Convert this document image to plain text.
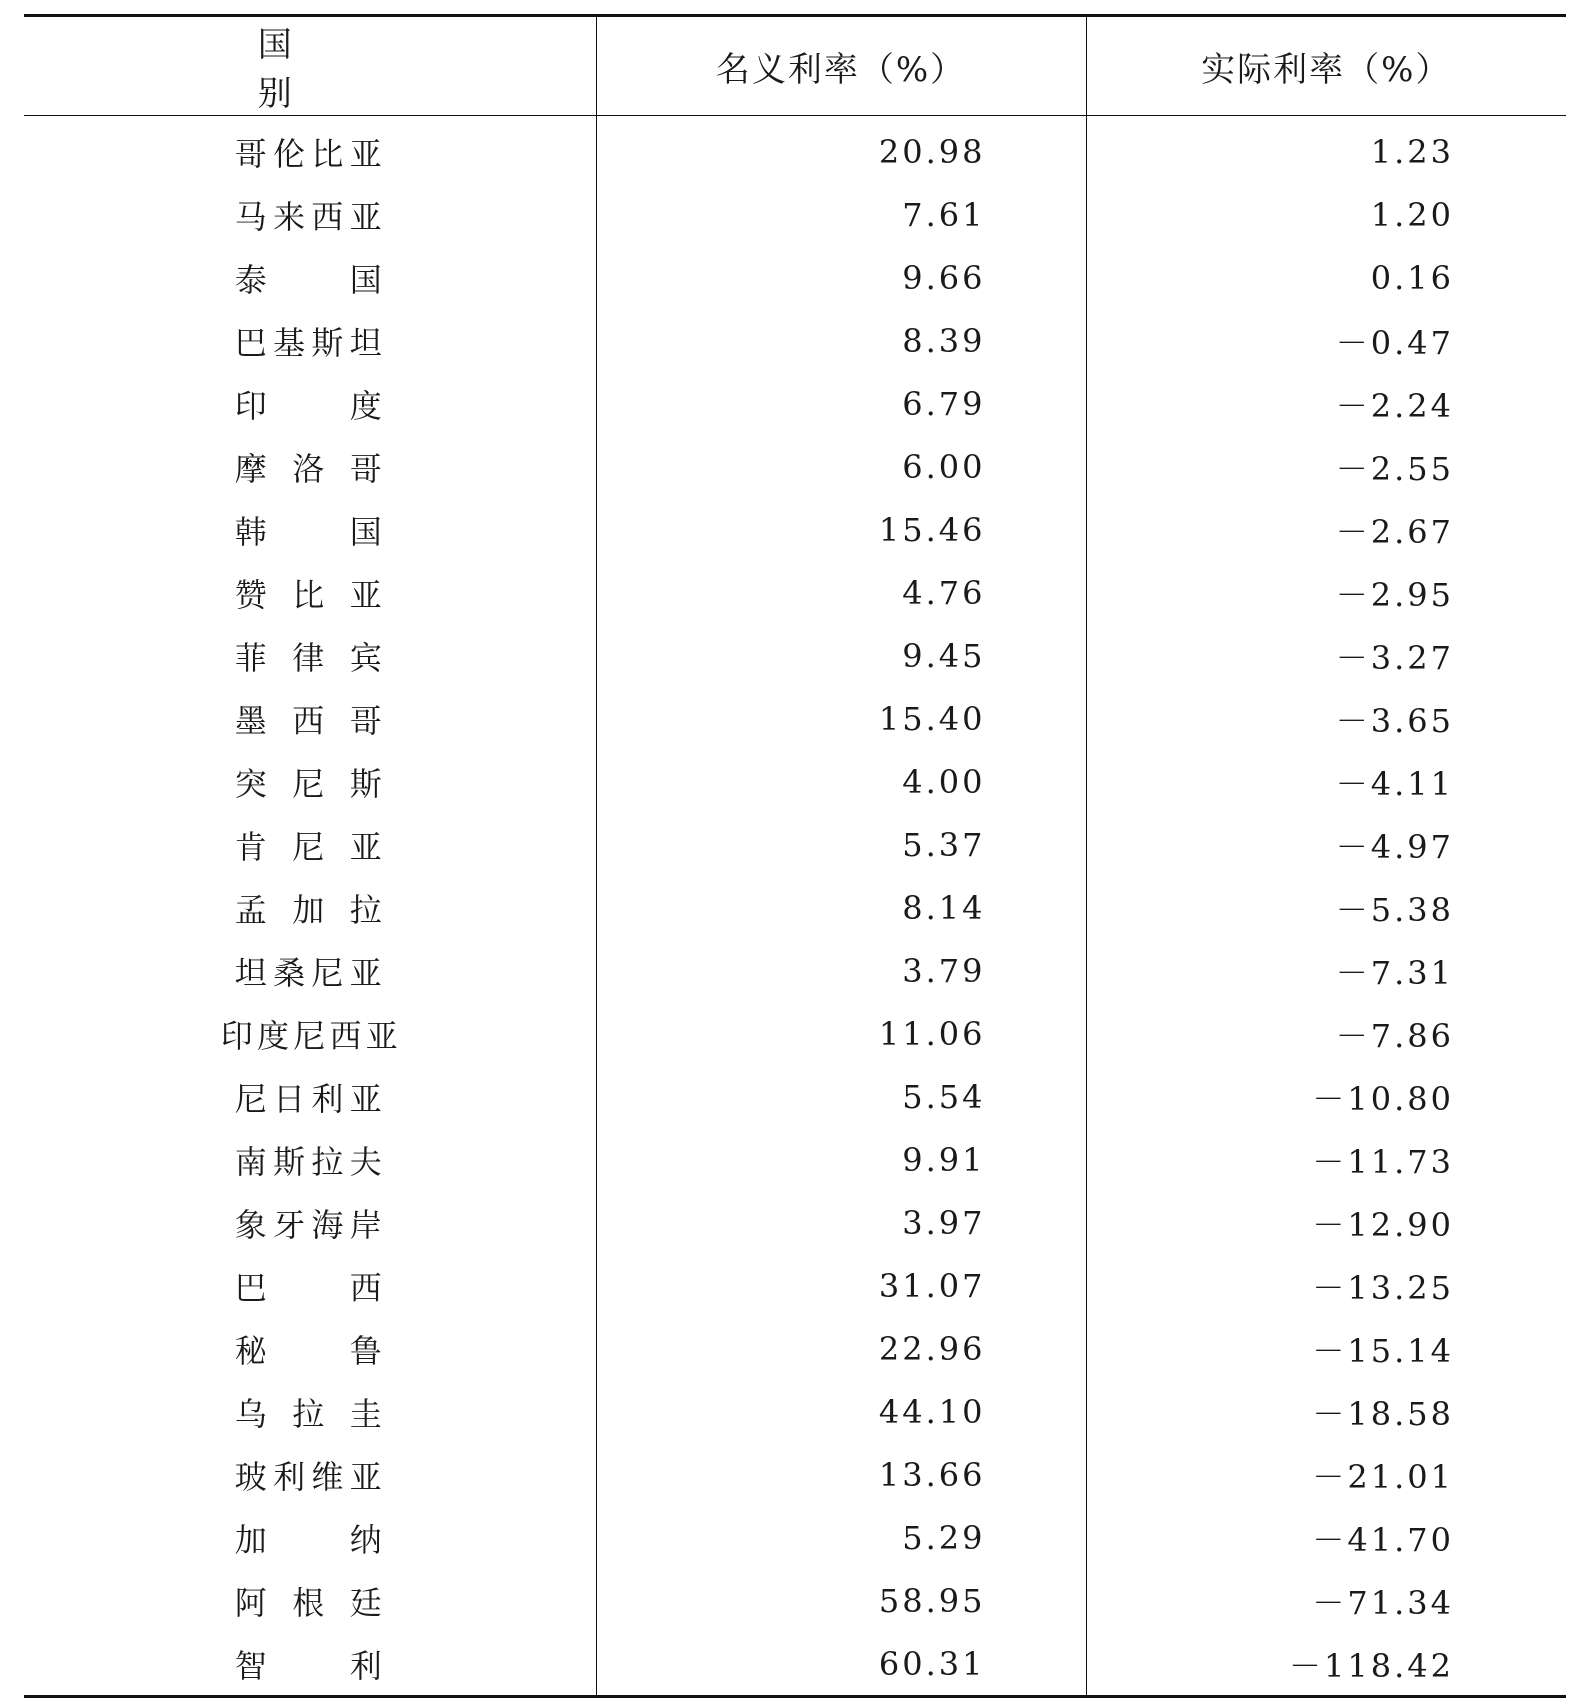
国　别	名义利率（%）	实际利率（%）
哥伦比亚	20.98	1.23
马来西亚	7.61	1.20
泰　国	9.66	0.16
巴基斯坦	8.39	－0.47
印　度	6.79	－2.24
摩洛哥	6.00	－2.55
韩　国	15.46	－2.67
赞比亚	4.76	－2.95
菲律宾	9.45	－3.27
墨西哥	15.40	－3.65
突尼斯	4.00	－4.11
肯尼亚	5.37	－4.97
孟加拉	8.14	－5.38
坦桑尼亚	3.79	－7.31
印度尼西亚	11.06	－7.86
尼日利亚	5.54	－10.80
南斯拉夫	9.91	－11.73
象牙海岸	3.97	－12.90
巴　西	31.07	－13.25
秘　鲁	22.96	－15.14
乌拉圭	44.10	－18.58
玻利维亚	13.66	－21.01
加　纳	5.29	－41.70
阿根廷	58.95	－71.34
智　利	60.31	－118.42
